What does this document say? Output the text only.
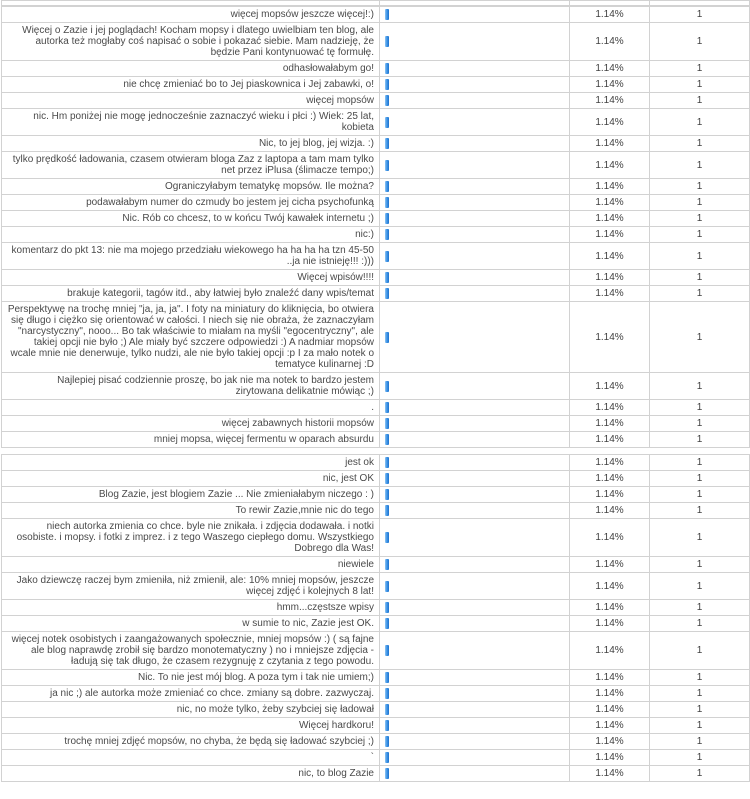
więcej mopsów jeszcze więcej!:)		1.14%	1
Więcej o Zazie i jej poglądach! Kocham mopsy i dlatego uwielbiam ten blog, ale autorka też mogłaby coś napisać o sobie i pokazać siebie. Mam nadzieję, że będzie Pani kontynuować tę formułę.		1.14%	1
odhasłowałabym go!		1.14%	1
nie chcę zmieniać bo to Jej piaskownica i Jej zabawki, o!		1.14%	1
więcej mopsów		1.14%	1
nic. Hm poniżej nie mogę jednocześnie zaznaczyć wieku i płci :) Wiek: 25 lat, kobieta		1.14%	1
Nic, to jej blog, jej wizja. :)		1.14%	1
tylko prędkość ładowania, czasem otwieram bloga Zaz z laptopa a tam mam tylko net przez iPlusa (ślimacze tempo;)		1.14%	1
Ograniczyłabym tematykę mopsów. Ile można?		1.14%	1
podawałabym numer do czmudy bo jestem jej cicha psychofunką		1.14%	1
Nic. Rób co chcesz, to w końcu Twój kawałek internetu ;)		1.14%	1
nic:)		1.14%	1
komentarz do pkt 13: nie ma mojego przedziału wiekowego ha ha ha ha tzn 45-50 ..ja nie istnieję!!! :)))		1.14%	1
Więcej wpisów!!!!		1.14%	1
brakuje kategorii, tagów itd., aby łatwiej było znaleźć dany wpis/temat		1.14%	1
Perspektywę na trochę mniej "ja, ja, ja". I foty na miniatury do kliknięcia, bo otwiera się długo i ciężko się orientować w całości. I niech się nie obraża, że zaznaczyłam "narcystyczny", nooo... Bo tak właściwie to miałam na myśli "egocentryczny", ale takiej opcji nie było ;) Ale miały być szczere odpowiedzi :) A nadmiar mopsów wcale mnie nie denerwuje, tylko nudzi, ale nie było takiej opcji :p I za mało notek o tematyce kulinarnej :D		1.14%	1
Najlepiej pisać codziennie proszę, bo jak nie ma notek to bardzo jestem zirytowana delikatnie mówiąc ;)		1.14%	1
.		1.14%	1
więcej zabawnych historii mopsów		1.14%	1
mniej mopsa, więcej fermentu w oparach absurdu		1.14%	1
jest ok		1.14%	1
nic, jest OK		1.14%	1
Blog Zazie, jest blogiem Zazie ... Nie zmieniałabym niczego : )		1.14%	1
To rewir Zazie,mnie nic do tego		1.14%	1
niech autorka zmienia co chce. byle nie znikała. i zdjęcia dodawała. i notki osobiste. i mopsy. i fotki z imprez. i z tego Waszego ciepłego domu. Wszystkiego Dobrego dla Was!		1.14%	1
niewiele		1.14%	1
Jako dziewczę raczej bym zmieniła, niż zmienił, ale: 10% mniej mopsów, jeszcze więcej zdjęć i kolejnych 8 lat!		1.14%	1
hmm...częstsze wpisy		1.14%	1
w sumie to nic, Zazie jest OK.		1.14%	1
więcej notek osobistych i zaangażowanych społecznie, mniej mopsów :) ( są fajne ale blog naprawdę zrobił się bardzo monotematyczny ) no i mniejsze zdjęcia - ładują się tak długo, że czasem rezygnuję z czytania z tego powodu.		1.14%	1
Nic. To nie jest mój blog. A poza tym i tak nie umiem;)		1.14%	1
ja nic ;) ale autorka może zmieniać co chce. zmiany są dobre. zazwyczaj.		1.14%	1
nic, no może tylko, żeby szybciej się ładował		1.14%	1
Więcej hardkoru!		1.14%	1
trochę mniej zdjęć mopsów, no chyba, że będą się ładować szybciej ;)		1.14%	1
`		1.14%	1
nic, to blog Zazie		1.14%	1
